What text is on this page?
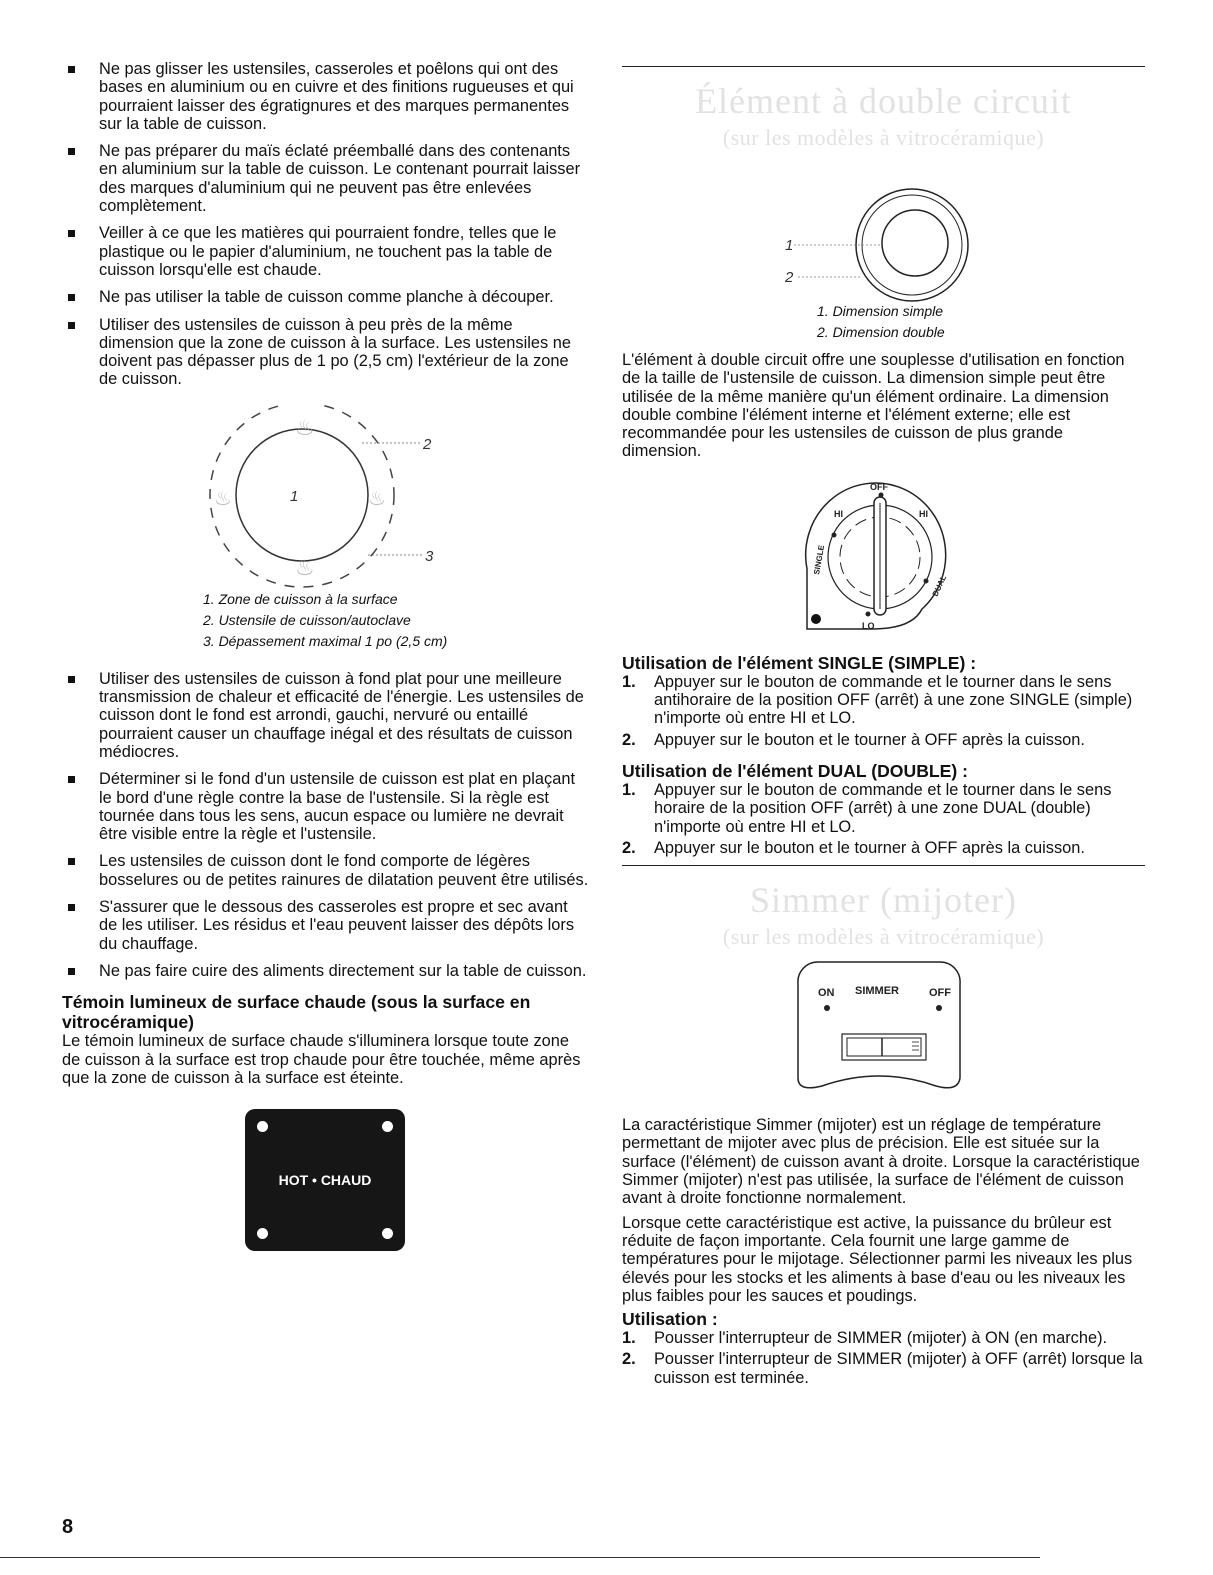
Ne pas glisser les ustensiles, casseroles et poêlons qui ont des bases en aluminium ou en cuivre et des finitions rugueuses et qui pourraient laisser des égratignures et des marques permanentes sur la table de cuisson.
Ne pas préparer du maïs éclaté préemballé dans des contenants en aluminium sur la table de cuisson. Le contenant pourrait laisser des marques d'aluminium qui ne peuvent pas être enlevées complètement.
Veiller à ce que les matières qui pourraient fondre, telles que le plastique ou le papier d'aluminium, ne touchent pas la table de cuisson lorsqu'elle est chaude.
Ne pas utiliser la table de cuisson comme planche à découper.
Utiliser des ustensiles de cuisson à peu près de la même dimension que la zone de cuisson à la surface. Les ustensiles ne doivent pas dépasser plus de 1 po (2,5 cm) l'extérieur de la zone de cuisson.
♨
♨
♨	♨
1
2
3
1. Zone de cuisson à la surface
2. Ustensile de cuisson/autoclave
3. Dépassement maximal 1 po (2,5 cm)
Utiliser des ustensiles de cuisson à fond plat pour une meilleure transmission de chaleur et efficacité de l'énergie. Les ustensiles de cuisson dont le fond est arrondi, gauchi, nervuré ou entaillé pourraient causer un chauffage inégal et des résultats de cuisson médiocres.
Déterminer si le fond d'un ustensile de cuisson est plat en plaçant le bord d'une règle contre la base de l'ustensile. Si la règle est tournée dans tous les sens, aucun espace ou lumière ne devrait être visible entre la règle et l'ustensile.
Les ustensiles de cuisson dont le fond comporte de légères bosselures ou de petites rainures de dilatation peuvent être utilisés.
S'assurer que le dessous des casseroles est propre et sec avant de les utiliser. Les résidus et l'eau peuvent laisser des dépôts lors du chauffage.
Ne pas faire cuire des aliments directement sur la table de cuisson.
Témoin lumineux de surface chaude (sous la surface en vitrocéramique)

Le témoin lumineux de surface chaude s'illuminera lorsque toute zone de cuisson à la surface est trop chaude pour être touchée, même après que la zone de cuisson à la surface est éteinte.

HOT • CHAUD
Élément à double circuit
(sur les modèles à vitrocéramique)
1
2
1. Dimension simple
2. Dimension double

L'élément à double circuit offre une souplesse d'utilisation en fonction de la taille de l'ustensile de cuisson. La dimension simple peut être utilisée de la même manière qu'un élément ordinaire. La dimension double combine l'élément interne et l'élément externe; elle est recommandée pour les ustensiles de cuisson de plus grande dimension.

OFF
HI	HI
LO
SINGLE
DUAL
Utilisation de l'élément SINGLE (SIMPLE) :
1. Appuyer sur le bouton de commande et le tourner dans le sens antihoraire de la position OFF (arrêt) à une zone SINGLE (simple) n'importe où entre HI et LO.
2. Appuyer sur le bouton et le tourner à OFF après la cuisson.
Utilisation de l'élément DUAL (DOUBLE) :
1. Appuyer sur le bouton de commande et le tourner dans le sens horaire de la position OFF (arrêt) à une zone DUAL (double) n'importe où entre HI et LO.
2. Appuyer sur le bouton et le tourner à OFF après la cuisson.
Simmer (mijoter)
(sur les modèles à vitrocéramique)
ON SIMMER	OFF

La caractéristique Simmer (mijoter) est un réglage de température permettant de mijoter avec plus de précision. Elle est située sur la surface (l'élément) de cuisson avant à droite. Lorsque la caractéristique Simmer (mijoter) n'est pas utilisée, la surface de l'élément de cuisson avant à droite fonctionne normalement.

Lorsque cette caractéristique est active, la puissance du brûleur est réduite de façon importante. Cela fournit une large gamme de températures pour le mijotage. Sélectionner parmi les niveaux les plus élevés pour les stocks et les aliments à base d'eau ou les niveaux les plus faibles pour les sauces et poudings.

Utilisation :
1. Pousser l'interrupteur de SIMMER (mijoter) à ON (en marche).
2. Pousser l'interrupteur de SIMMER (mijoter) à OFF (arrêt) lorsque la cuisson est terminée.
8
